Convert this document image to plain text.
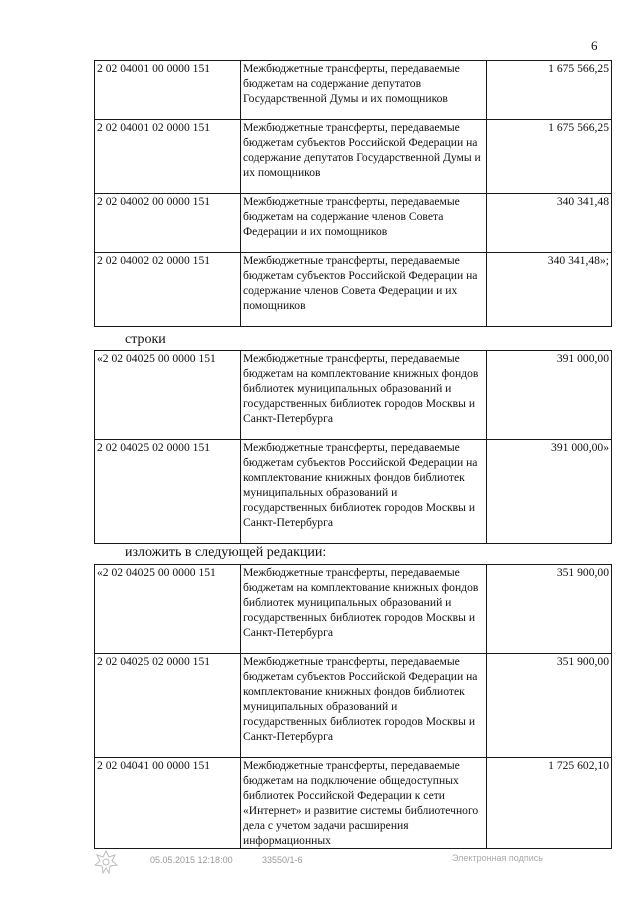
6
2 02 04001 00 0000 151	Межбюджетные трансферты, передаваемые бюджетам на содержание депутатов Государственной Думы и их помощников	1 675 566,25
2 02 04001 02 0000 151	Межбюджетные трансферты, передаваемые бюджетам субъектов Российской Федерации на содержание депутатов Государственной Думы и их помощников	1 675 566,25
2 02 04002 00 0000 151	Межбюджетные трансферты, передаваемые бюджетам на содержание членов Совета Федерации и их помощников	340 341,48
2 02 04002 02 0000 151	Межбюджетные трансферты, передаваемые бюджетам субъектов Российской Федерации на содержание членов Совета Федерации и их помощников	340 341,48»;
строки
«2 02 04025 00 0000 151	Межбюджетные трансферты, передаваемые бюджетам на комплектование книжных фондов библиотек муниципальных образований и государственных библиотек городов Москвы и Санкт-Петербурга	391 000,00
2 02 04025 02 0000 151	Межбюджетные трансферты, передаваемые бюджетам субъектов Российской Федерации на комплектование книжных фондов библиотек муниципальных образований и государственных библиотек городов Москвы и Санкт-Петербурга	391 000,00»
изложить в следующей редакции:
«2 02 04025 00 0000 151	Межбюджетные трансферты, передаваемые бюджетам на комплектование книжных фондов библиотек муниципальных образований и государственных библиотек городов Москвы и Санкт-Петербурга	351 900,00
2 02 04025 02 0000 151	Межбюджетные трансферты, передаваемые бюджетам субъектов Российской Федерации на комплектование книжных фондов библиотек муниципальных образований и государственных библиотек городов Москвы и Санкт-Петербурга	351 900,00
2 02 04041 00 0000 151	Межбюджетные трансферты, передаваемые бюджетам на подключение общедоступных библиотек Российской Федерации к сети «Интернет» и развитие системы библиотечного дела с учетом задачи расширения информационных	1 725 602,10
05.05.2015 12:18:00	33550/1-6	Электронная подпись
